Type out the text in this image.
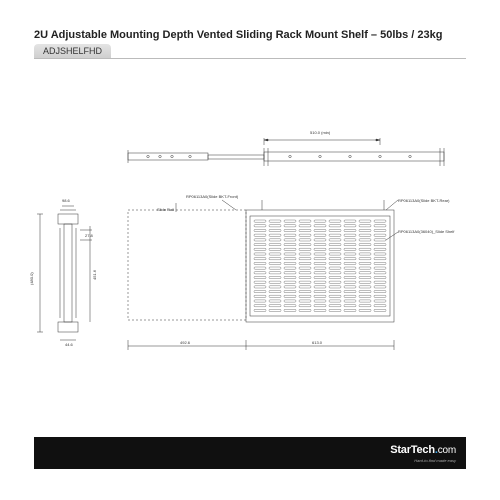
2U Adjustable Mounting Depth Vented Sliding Rack Mount Shelf – 50lbs / 23kg
ADJSHELFHD
510.0 (min)
98.6
27.8
(480.0)	451.6
44.6
Slide Rail
RP06113A0(Slide BKT-Front)
RP06113A0(Slide BKT-Rear)
RP06113A0(36040)_Slide Shelf
492.6	613.0
StarTech.com
Hard-to-find made easy
